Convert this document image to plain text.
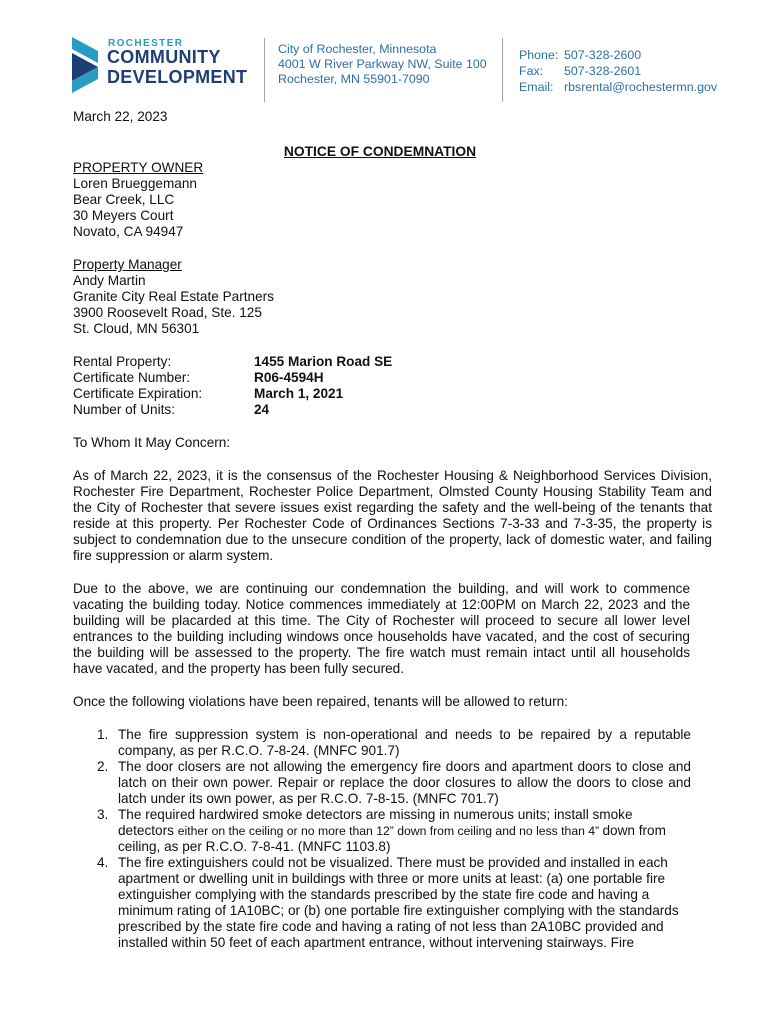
ROCHESTER
COMMUNITY
DEVELOPMENT
City of Rochester, Minnesota
4001 W River Parkway NW, Suite 100
Rochester, MN 55901-7090
Phone: 507-328-2600
Fax: 507-328-2601
Email: rbsrental@rochestermn.gov

March 22, 2023

NOTICE OF CONDEMNATION
PROPERTY OWNER
Loren Brueggemann
Bear Creek, LLC
30 Meyers Court
Novato, CA 94947
Property Manager
Andy Martin
Granite City Real Estate Partners
3900 Roosevelt Road, Ste. 125
St. Cloud, MN 56301
Rental Property:	1455 Marion Road SE
Certificate Number:	R06-4594H
Certificate Expiration:	March 1, 2021
Number of Units:	24

To Whom It May Concern:

As of March 22, 2023, it is the consensus of the Rochester Housing & Neighborhood Services Division, Rochester Fire Department, Rochester Police Department, Olmsted County Housing Stability Team and the City of Rochester that severe issues exist regarding the safety and the well-being of the tenants that reside at this property. Per Rochester Code of Ordinances Sections 7-3-33 and 7-3-35, the property is subject to condemnation due to the unsecure condition of the property, lack of domestic water, and failing fire suppression or alarm system.

Due to the above, we are continuing our condemnation the building, and will work to commence vacating the building today. Notice commences immediately at 12:00PM on March 22, 2023 and the building will be placarded at this time. The City of Rochester will proceed to secure all lower level entrances to the building including windows once households have vacated, and the cost of securing the building will be assessed to the property. The fire watch must remain intact until all households have vacated, and the property has been fully secured.

Once the following violations have been repaired, tenants will be allowed to return:

1. The fire suppression system is non-operational and needs to be repaired by a reputable company, as per R.C.O. 7-8-24. (MNFC 901.7)
2. The door closers are not allowing the emergency fire doors and apartment doors to close and latch on their own power. Repair or replace the door closures to allow the doors to close and latch under its own power, as per R.C.O. 7-8-15. (MNFC 701.7)
3. The required hardwired smoke detectors are missing in numerous units; install smoke detectors either on the ceiling or no more than 12” down from ceiling and no less than 4” down from ceiling, as per R.C.O. 7-8-41. (MNFC 1103.8)
4. The fire extinguishers could not be visualized. There must be provided and installed in each apartment or dwelling unit in buildings with three or more units at least: (a) one portable fire extinguisher complying with the standards prescribed by the state fire code and having a minimum rating of 1A10BC; or (b) one portable fire extinguisher complying with the standards prescribed by the state fire code and having a rating of not less than 2A10BC provided and installed within 50 feet of each apartment entrance, without intervening stairways. Fire
